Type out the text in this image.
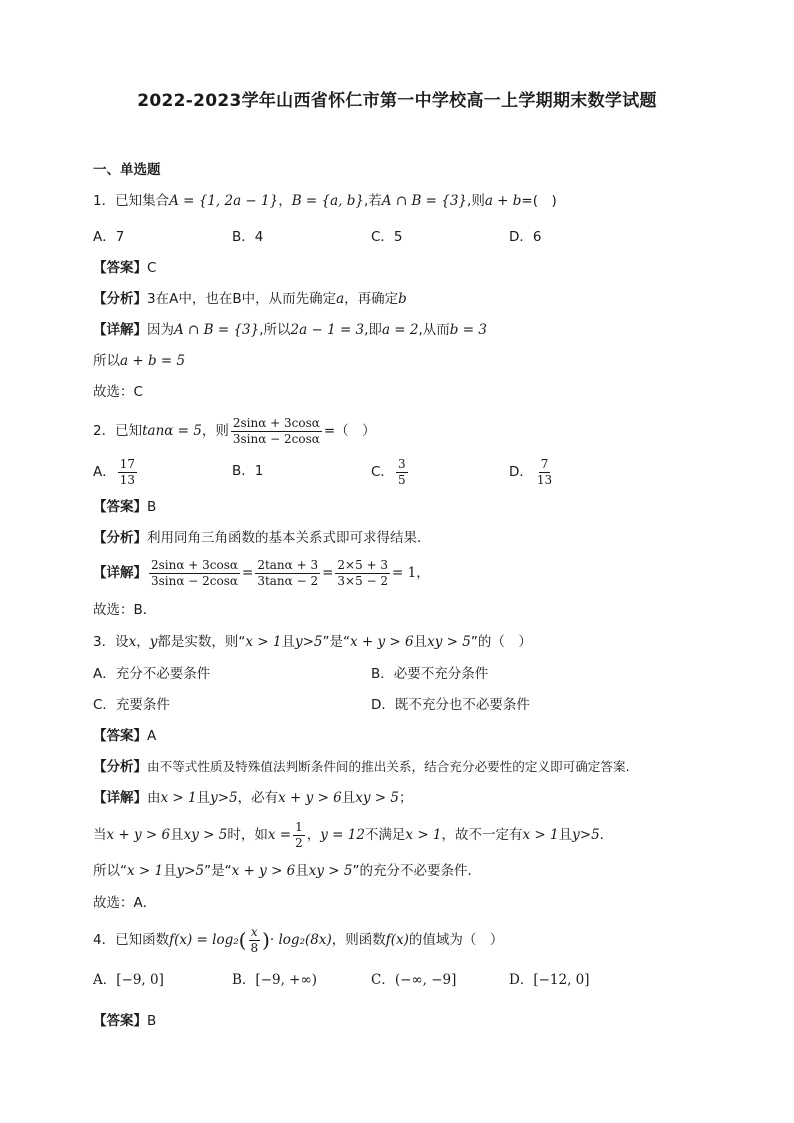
2022-2023学年山西省怀仁市第一中学校高一上学期期末数学试题
一、单选题
1．已知集合A = {1, 2a − 1}，B = {a, b},若A ∩ B = {3},则a + b=(　)
A．7	B．4	C．5	D．6
【答案】C
【分析】3在A中，也在B中，从而先确定a，再确定b
【详解】因为A ∩ B = {3},所以2a − 1 = 3,即a = 2,从而b = 3
所以a + b = 5
故选：C
2．已知tanα = 5，则 $\frac{2\sin\alpha + 3\cos\alpha}{3\sin\alpha - 2\cos\alpha}$ =（　）
A． $\frac{17}{13}$	B．1	C． $\frac{3}{5}$	D． $\frac{7}{13}$
【答案】B
【分析】利用同角三角函数的基本关系式即可求得结果．
【详解】 $\frac{2\sin\alpha + 3\cos\alpha}{3\sin\alpha - 2\cos\alpha} = \frac{2\tan\alpha + 3}{3\tan\alpha - 2} = \frac{2\times 5 + 3}{3\times 5 - 2} = 1$，
故选：B．
3．设x，y都是实数，则“x > 1且y>5”是“x + y > 6且xy > 5”的（　）
A．充分不必要条件	B．必要不充分条件
C．充要条件	D．既不充分也不必要条件
【答案】A
【分析】由不等式性质及特殊值法判断条件间的推出关系，结合充分必要性的定义即可确定答案.
【详解】由x > 1且y>5，必有x + y > 6且xy > 5；
当x + y > 6且xy > 5时，如$x = \frac{1}{2}$ ，y = 12不满足x > 1，故不一定有x > 1且y>5．
所以“x > 1且y>5”是“x + y > 6且xy > 5”的充分不必要条件．
故选：A．
4．已知函数$f(x) = \log_2( \frac{x}{8}$ )· log₂(8x)，则函数f(x)的值域为（　）
A．[−9, 0]	B．[−9, +∞)	C．(−∞, −9]	D．[−12, 0]
【答案】B
